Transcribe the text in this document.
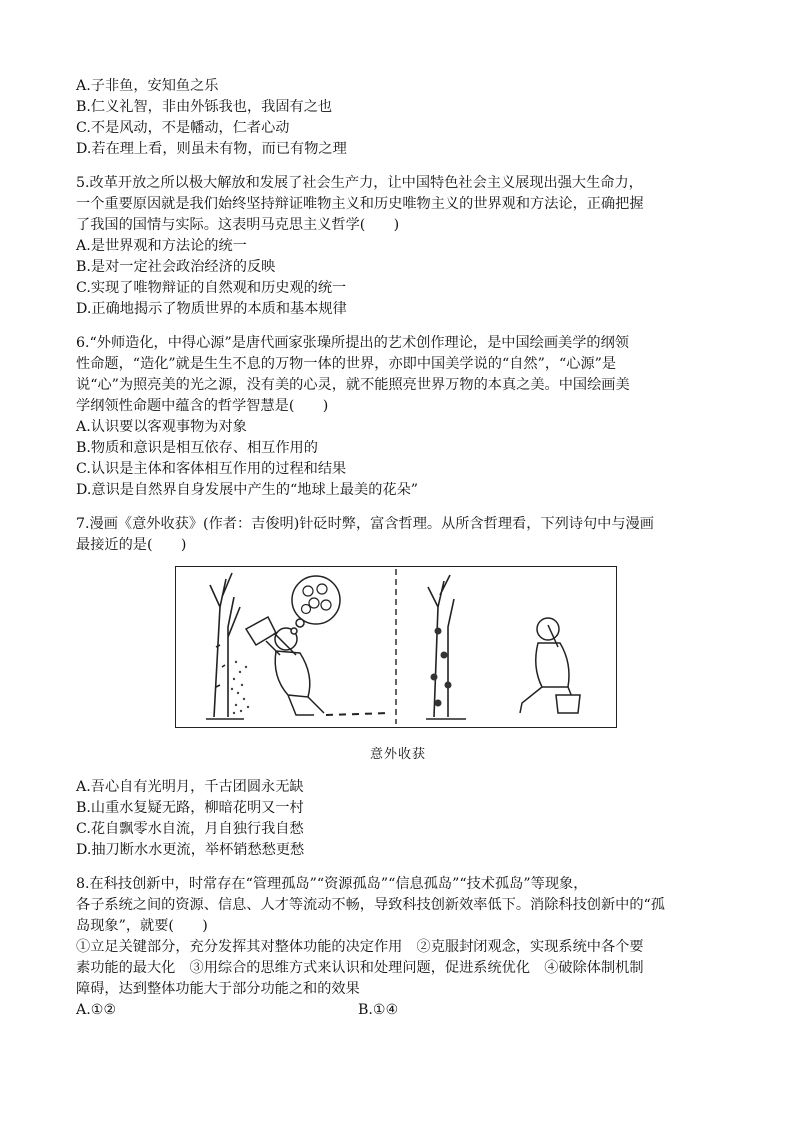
A.子非鱼，安知鱼之乐
B.仁义礼智，非由外铄我也，我固有之也
C.不是风动，不是幡动，仁者心动
D.若在理上看，则虽未有物，而已有物之理
5.改革开放之所以极大解放和发展了社会生产力，让中国特色社会主义展现出强大生命力，
一个重要原因就是我们始终坚持辩证唯物主义和历史唯物主义的世界观和方法论，正确把握
了我国的国情与实际。这表明马克思主义哲学(　　)
A.是世界观和方法论的统一
B.是对一定社会政治经济的反映
C.实现了唯物辩证的自然观和历史观的统一
D.正确地揭示了物质世界的本质和基本规律
6.“外师造化，中得心源”是唐代画家张璪所提出的艺术创作理论，是中国绘画美学的纲领
性命题，“造化”就是生生不息的万物一体的世界，亦即中国美学说的“自然”，“心源”是
说“心”为照亮美的光之源，没有美的心灵，就不能照亮世界万物的本真之美。中国绘画美
学纲领性命题中蕴含的哲学智慧是(　　)
A.认识要以客观事物为对象
B.物质和意识是相互依存、相互作用的
C.认识是主体和客体相互作用的过程和结果
D.意识是自然界自身发展中产生的“地球上最美的花朵”
7.漫画《意外收获》(作者：吉俊明)针砭时弊，富含哲理。从所含哲理看，下列诗句中与漫画
最接近的是(　　)
意外收获
A.吾心自有光明月，千古团圆永无缺
B.山重水复疑无路，柳暗花明又一村
C.花自飘零水自流，月自独行我自愁
D.抽刀断水水更流，举杯销愁愁更愁
8.在科技创新中，时常存在“管理孤岛”“资源孤岛”“信息孤岛”“技术孤岛”等现象，
各子系统之间的资源、信息、人才等流动不畅，导致科技创新效率低下。消除科技创新中的“孤
岛现象”，就要(　　)
①立足关键部分，充分发挥其对整体功能的决定作用　②克服封闭观念，实现系统中各个要
素功能的最大化　③用综合的思维方式来认识和处理问题，促进系统优化　④破除体制机制
障碍，达到整体功能大于部分功能之和的效果
A.①②	B.①④
